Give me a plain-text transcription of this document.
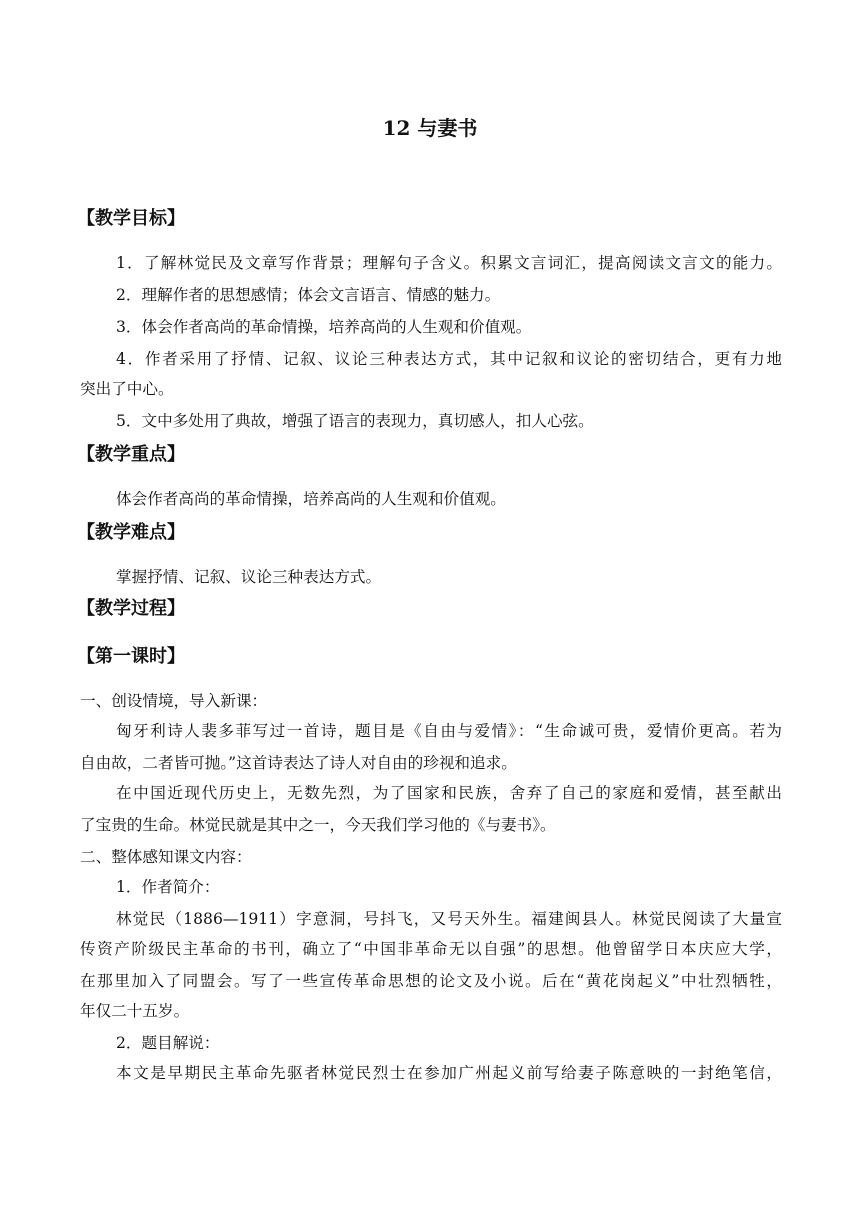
12 与妻书
【教学目标】
1．了解林觉民及文章写作背景；理解句子含义。积累文言词汇，提高阅读文言文的能力。
2．理解作者的思想感情；体会文言语言、情感的魅力。
3．体会作者高尚的革命情操，培养高尚的人生观和价值观。
4．作者采用了抒情、记叙、议论三种表达方式，其中记叙和议论的密切结合，更有力地
突出了中心。
5．文中多处用了典故，增强了语言的表现力，真切感人，扣人心弦。
【教学重点】
体会作者高尚的革命情操，培养高尚的人生观和价值观。
【教学难点】
掌握抒情、记叙、议论三种表达方式。
【教学过程】
【第一课时】
一、创设情境，导入新课：
匈牙利诗人裴多菲写过一首诗，题目是《自由与爱情》：“生命诚可贵，爱情价更高。若为
自由故，二者皆可抛。”这首诗表达了诗人对自由的珍视和追求。
在中国近现代历史上，无数先烈，为了国家和民族，舍弃了自己的家庭和爱情，甚至献出
了宝贵的生命。林觉民就是其中之一，今天我们学习他的《与妻书》。
二、整体感知课文内容：
1．作者简介：
林觉民（1886—1911）字意洞，号抖飞，又号天外生。福建闽县人。林觉民阅读了大量宣
传资产阶级民主革命的书刊，确立了“中国非革命无以自强”的思想。他曾留学日本庆应大学，
在那里加入了同盟会。写了一些宣传革命思想的论文及小说。后在“黄花岗起义”中壮烈牺牲，
年仅二十五岁。
2．题目解说：
本文是早期民主革命先驱者林觉民烈士在参加广州起义前写给妻子陈意映的一封绝笔信，
